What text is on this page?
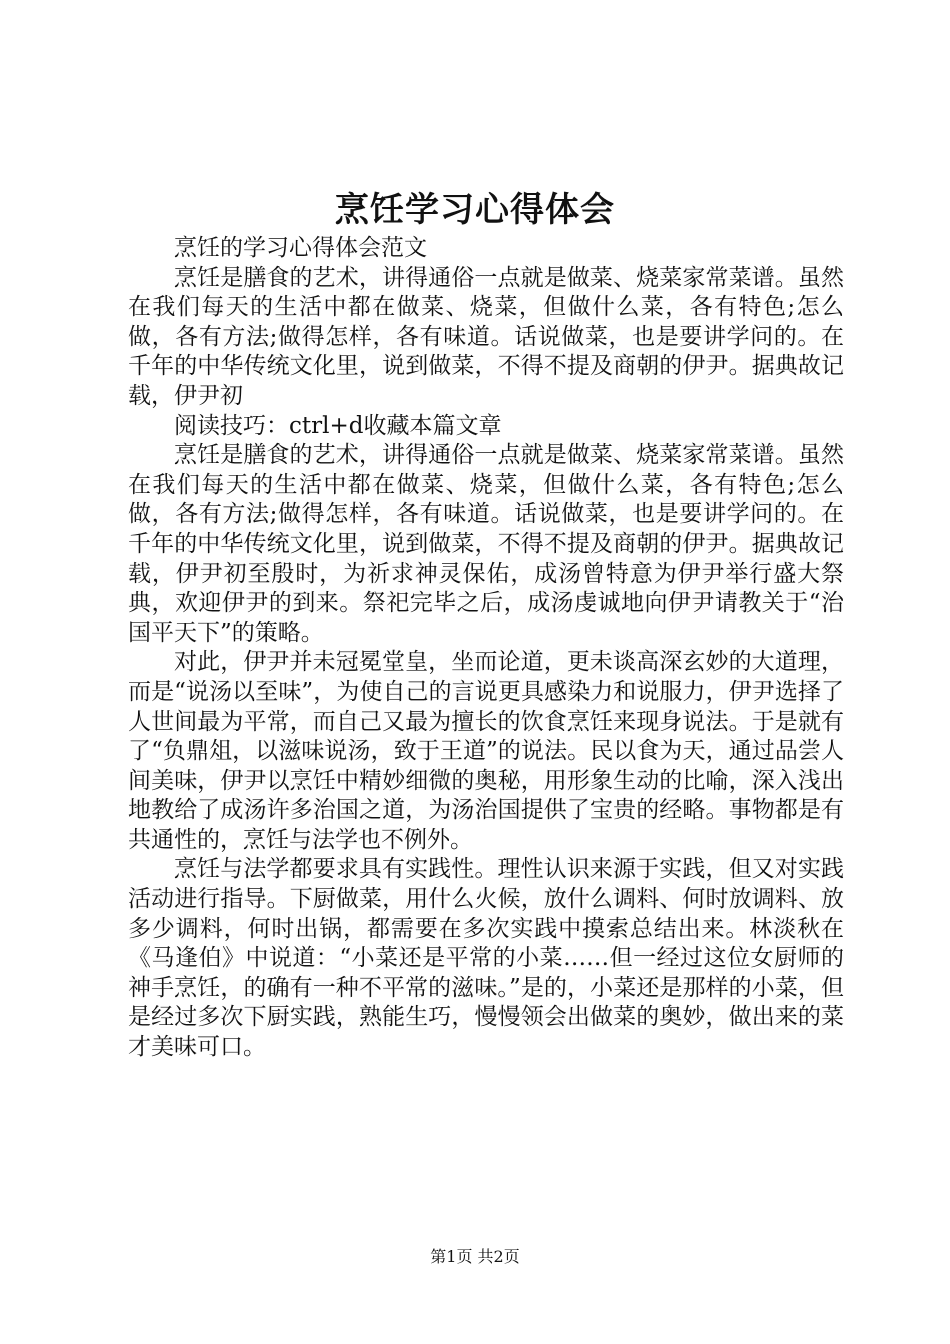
烹饪学习心得体会

烹饪的学习心得体会范文

烹饪是膳食的艺术，讲得通俗一点就是做菜、烧菜家常菜谱。虽然在我们每天的生活中都在做菜、烧菜，但做什么菜，各有特色;怎么做，各有方法;做得怎样，各有味道。话说做菜，也是要讲学问的。在千年的中华传统文化里，说到做菜，不得不提及商朝的伊尹。据典故记载，伊尹初

阅读技巧：ctrl+d收藏本篇文章

烹饪是膳食的艺术，讲得通俗一点就是做菜、烧菜家常菜谱。虽然在我们每天的生活中都在做菜、烧菜，但做什么菜，各有特色;怎么做，各有方法;做得怎样，各有味道。话说做菜，也是要讲学问的。在千年的中华传统文化里，说到做菜，不得不提及商朝的伊尹。据典故记载，伊尹初至殷时，为祈求神灵保佑，成汤曾特意为伊尹举行盛大祭典，欢迎伊尹的到来。祭祀完毕之后，成汤虔诚地向伊尹请教关于“治国平天下”的策略。

对此，伊尹并未冠冕堂皇，坐而论道，更未谈高深玄妙的大道理，而是“说汤以至味”，为使自己的言说更具感染力和说服力，伊尹选择了人世间最为平常，而自己又最为擅长的饮食烹饪来现身说法。于是就有了“负鼎俎，以滋味说汤，致于王道”的说法。民以食为天，通过品尝人间美味，伊尹以烹饪中精妙细微的奥秘，用形象生动的比喻，深入浅出地教给了成汤许多治国之道，为汤治国提供了宝贵的经略。事物都是有共通性的，烹饪与法学也不例外。

烹饪与法学都要求具有实践性。理性认识来源于实践，但又对实践活动进行指导。下厨做菜，用什么火候，放什么调料、何时放调料、放多少调料，何时出锅，都需要在多次实践中摸索总结出来。林淡秋在《马逢伯》中说道：“小菜还是平常的小菜……但一经过这位女厨师的神手烹饪，的确有一种不平常的滋味。”是的，小菜还是那样的小菜，但是经过多次下厨实践，熟能生巧，慢慢领会出做菜的奥妙，做出来的菜才美味可口。

第1页 共2页
